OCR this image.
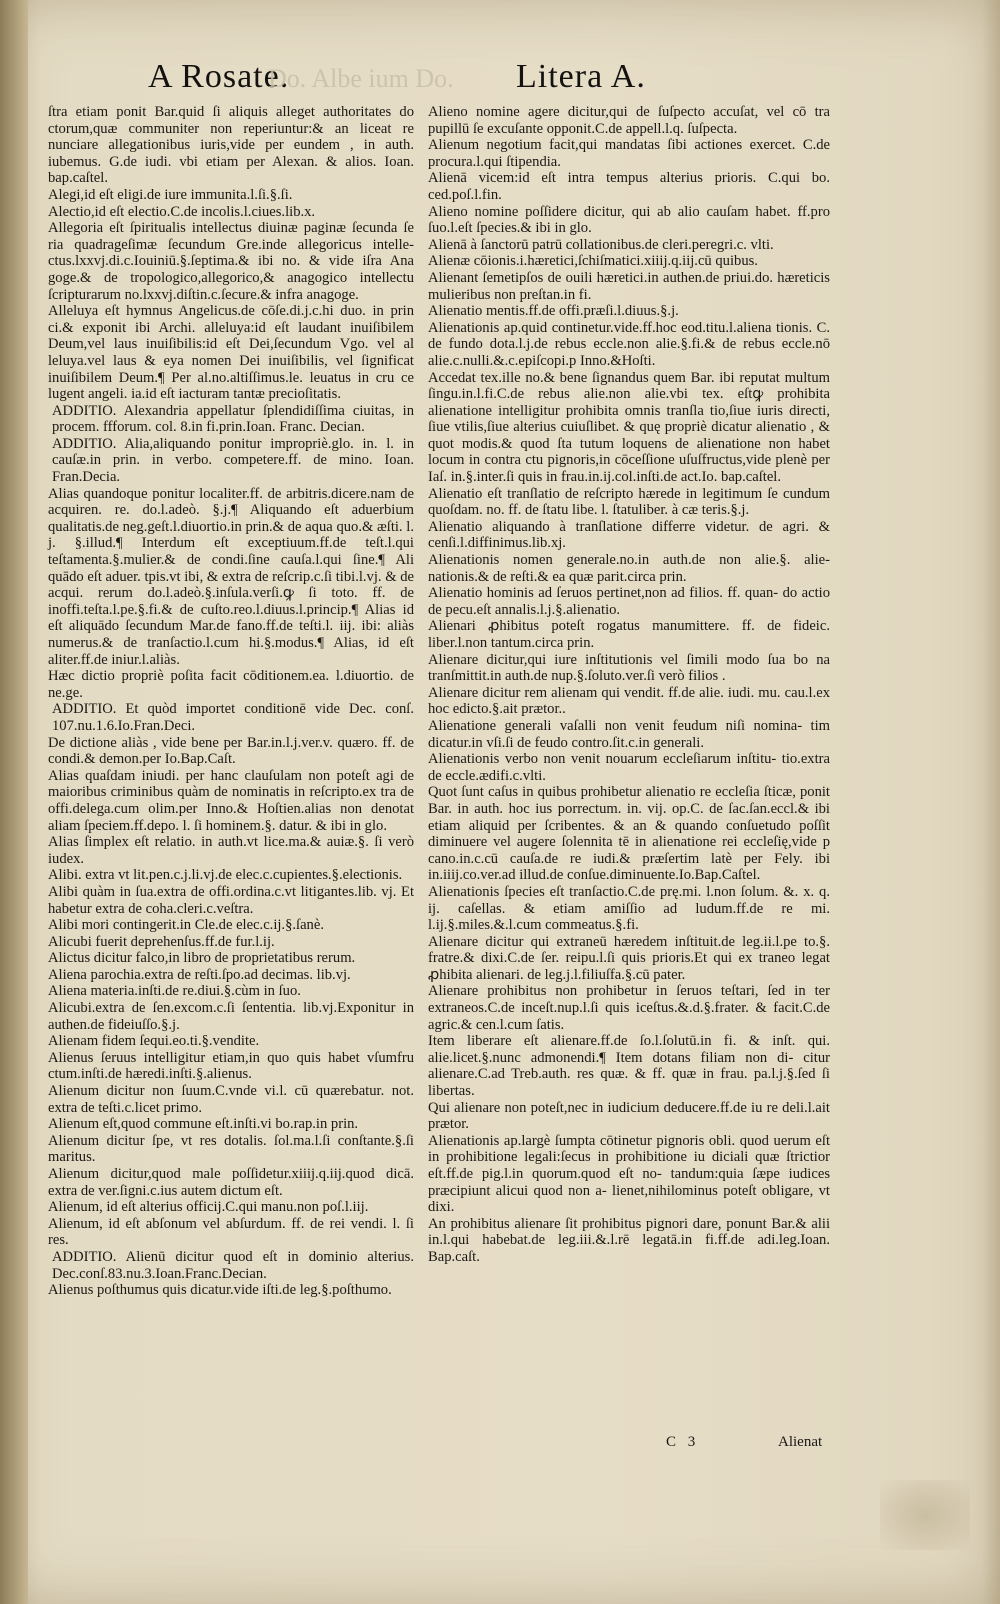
A Rosate.
Do. Albe ium Do. Litera A.

ſtra etiam ponit Bar.quid ſi aliquis alleget authoritates do ctorum,quæ communiter non reperiuntur:& an liceat re nunciare allegationibus iuris,vide per eundem , in auth. iubemus. G.de iudi. vbi etiam per Alexan. & alios. Ioan. bap.caſtel.

Alegi,id eſt eligi.de iure immunita.l.ſi.§.ſi.

Alectio,id eſt electio.C.de incolis.l.ciues.lib.x.

Allegoria eſt ſpiritualis intellectus diuinæ paginæ ſecunda ſe ria quadrageſimæ ſecundum Gre.inde allegoricus intelle- ctus.lxxvj.di.c.Iouiniū.§.ſeptima.& ibi no. & vide iſra Ana goge.& de tropologico,allegorico,& anagogico intellectu ſcripturarum no.lxxvj.diſtin.c.ſecure.& infra anagoge.

Alleluya eſt hymnus Angelicus.de cōſe.di.j.c.hi duo. in prin ci.& exponit ibi Archi. alleluya:id eſt laudant inuiſibilem Deum,vel laus inuiſibilis:id eſt Dei,ſecundum Vgo. vel al leluya.vel laus & eya nomen Dei inuiſibilis, vel ſignificat inuiſibilem Deum.¶ Per al.no.altiſſimus.le. leuatus in cru ce lugent angeli. ia.id eſt iacturam tantæ precioſitatis.

ADDITIO. Alexandria appellatur ſplendidiſſima ciuitas, in procem. ffforum. col. 8.in fi.prin.Ioan. Franc. Decian.

ADDITIO. Alia,aliquando ponitur impropriè.glo. in. l. in cauſæ.in prin. in verbo. competere.ff. de mino. Ioan. Fran.Decia.

Alias quandoque ponitur localiter.ff. de arbitris.dicere.nam de acquiren. re. do.l.adeò. §.j.¶ Aliquando eſt aduerbium qualitatis.de neg.geſt.l.diuortio.in prin.& de aqua quo.& æſti. l. j. §.illud.¶ Interdum eſt exceptiuum.ff.de teſt.l.qui teſtamenta.§.mulier.& de condi.ſine cauſa.l.qui ſine.¶ Ali quādo eſt aduer. tpis.vt ibi, & extra de reſcrip.c.ſi tibi.l.vj. & de acqui. rerum do.l.adeò.§.inſula.verſi.ꝙ ſi toto. ff. de inoffi.teſta.l.pe.§.fi.& de cuſto.reo.l.diuus.l.princip.¶ Alias id eſt aliquādo ſecundum Mar.de fano.ff.de teſti.l. iij. ibi: aliàs numerus.& de tranſactio.l.cum hi.§.modus.¶ Alias, id eſt aliter.ff.de iniur.l.aliàs.

Hæc dictio propriè poſita facit cōditionem.ea. l.diuortio. de ne.ge.

ADDITIO. Et quòd importet conditionē vide Dec. conſ. 107.nu.1.6.Io.Fran.Deci.

De dictione aliàs , vide bene per Bar.in.l.j.ver.v. quæro. ff. de condi.& demon.per Io.Bap.Caſt.

Alias quaſdam iniudi. per hanc clauſulam non poteſt agi de maioribus criminibus quàm de nominatis in reſcripto.ex tra de offi.delega.cum olim.per Inno.& Hoſtien.alias non denotat aliam ſpeciem.ff.depo. l. ſi hominem.§. datur. & ibi in glo.

Alias ſimplex eſt relatio. in auth.vt lice.ma.& auiæ.§. ſi verò iudex.

Alibi. extra vt lit.pen.c.j.li.vj.de elec.c.cupientes.§.electionis.

Alibi quàm in ſua.extra de offi.ordina.c.vt litigantes.lib. vj. Et habetur extra de coha.cleri.c.veſtra.

Alibi mori contingerit.in Cle.de elec.c.ij.§.ſanè.

Alicubi fuerit deprehenſus.ff.de fur.l.ij.

Alictus dicitur falco,in libro de proprietatibus rerum.

Aliena parochia.extra de reſti.ſpo.ad decimas. lib.vj.

Aliena materia.inſti.de re.diui.§.cùm in ſuo.

Alicubi.extra de ſen.excom.c.ſi ſententia. lib.vj.Exponitur in authen.de fideiuſſo.§.j.

Alienam fidem ſequi.eo.ti.§.vendite.

Alienus ſeruus intelligitur etiam,in quo quis habet vſumfru ctum.inſti.de hæredi.inſti.§.alienus.

Alienum dicitur non ſuum.C.vnde vi.l. cū quærebatur. not. extra de teſti.c.licet primo.

Alienum eſt,quod commune eſt.inſti.vi bo.rap.in prin.

Alienum dicitur ſpe, vt res dotalis. ſol.ma.l.ſi conſtante.§.ſi maritus.

Alienum dicitur,quod male poſſidetur.xiiij.q.iij.quod dicā. extra de ver.ſigni.c.ius autem dictum eſt.

Alienum, id eſt alterius officij.C.qui manu.non poſ.l.iij.

Alienum, id eſt abſonum vel abſurdum. ff. de rei vendi. l. ſi res.

ADDITIO. Alienū dicitur quod eſt in dominio alterius. Dec.conſ.83.nu.3.Ioan.Franc.Decian.

Alienus poſthumus quis dicatur.vide iſti.de leg.§.poſthumo.

Alieno nomine agere dicitur,qui de ſuſpecto accuſat, vel cō tra pupillū ſe excuſante opponit.C.de appell.l.q. ſuſpecta.

Alienum negotium facit,qui mandatas ſibi actiones exercet. C.de procura.l.qui ſtipendia.

Alienā vicem:id eſt intra tempus alterius prioris. C.qui bo. ced.poſ.l.fin.

Alieno nomine poſſidere dicitur, qui ab alio cauſam habet. ff.pro ſuo.l.eſt ſpecies.& ibi in glo.

Alienā à ſanctorū patrū collationibus.de cleri.peregri.c. vlti.

Alienæ cōionis.i.hæretici,ſchiſmatici.xiiij.q.iij.cū quibus.

Alienant ſemetipſos de ouili hæretici.in authen.de priui.do. hæreticis mulieribus non preſtan.in fi.

Alienatio mentis.ff.de offi.præſi.l.diuus.§.j.

Alienationis ap.quid continetur.vide.ff.hoc eod.titu.l.aliena tionis. C. de fundo dota.l.j.de rebus eccle.non alie.§.fi.& de rebus eccle.nō alie.c.nulli.&.c.epiſcopi.p Inno.&Hoſti.

Accedat tex.ille no.& bene ſignandus quem Bar. ibi reputat multum ſingu.in.l.fi.C.de rebus alie.non alie.vbi tex. eſtꝙ prohibita alienatione intelligitur prohibita omnis tranſla tio,ſiue iuris directi, ſiue vtilis,ſiue alterius cuiuſlibet. & quę propriè dicatur alienatio , & quot modis.& quod ſta tutum loquens de alienatione non habet locum in contra ctu pignoris,in cōceſſione uſuſfructus,vide plenè per Iaſ. in.§.inter.ſi quis in frau.in.ij.col.inſti.de act.Io. bap.caſtel.

Alienatio eſt tranſlatio de reſcripto hærede in legitimum ſe cundum quoſdam. no. ff. de ſtatu libe. l. ſtatuliber. à cæ teris.§.j.

Alienatio aliquando à tranſlatione differre videtur. de agri. & cenſi.l.diffinimus.lib.xj.

Alienationis nomen generale.no.in auth.de non alie.§. alie- nationis.& de reſti.& ea quæ parit.circa prin.

Alienatio hominis ad ſeruos pertinet,non ad filios. ff. quan- do actio de pecu.eſt annalis.l.j.§.alienatio.

Alienari ꝓhibitus poteſt rogatus manumittere. ff. de fideic. liber.l.non tantum.circa prin.

Alienare dicitur,qui iure inſtitutionis vel ſimili modo ſua bo na tranſmittit.in auth.de nup.§.ſoluto.ver.ſi verò filios .

Alienare dicitur rem alienam qui vendit. ff.de alie. iudi. mu. cau.l.ex hoc edicto.§.ait prætor..

Alienatione generali vaſalli non venit feudum niſi nomina- tim dicatur.in vſi.ſi de feudo contro.ſit.c.in generali.

Alienationis verbo non venit nouarum eccleſiarum inſtitu- tio.extra de eccle.ædifi.c.vlti.

Quot ſunt caſus in quibus prohibetur alienatio re eccleſia ſticæ, ponit Bar. in auth. hoc ius porrectum. in. vij. op.C. de ſac.ſan.eccl.& ibi etiam aliquid per ſcribentes. & an & quando conſuetudo poſſit diminuere vel augere ſolennita tē in alienatione rei eccleſię,vide p cano.in.c.cū cauſa.de re iudi.& præſertim latè per Fely. ibi in.iiij.co.ver.ad illud.de conſue.diminuente.Io.Bap.Caſtel.

Alienationis ſpecies eſt tranſactio.C.de prę.mi. l.non ſolum. &. x. q. ij. caſellas. & etiam amiſſio ad ludum.ff.de re mi. l.ij.§.miles.&.l.cum commeatus.§.fi.

Alienare dicitur qui extraneū hæredem inſtituit.de leg.ii.l.pe to.§. fratre.& dixi.C.de ſer. reipu.l.ſi quis prioris.Et qui ex traneo legat ꝓhibita alienari. de leg.j.l.filiuſfa.§.cū pater.

Alienare prohibitus non prohibetur in ſeruos teſtari, ſed in ter extraneos.C.de inceſt.nup.l.ſi quis iceſtus.&.d.§.frater. & facit.C.de agric.& cen.l.cum ſatis.

Item liberare eſt alienare.ff.de ſo.l.ſolutū.in fi. & inſt. qui. alie.licet.§.nunc admonendi.¶ Item dotans filiam non di- citur alienare.C.ad Treb.auth. res quæ. & ff. quæ in frau. pa.l.j.§.ſed ſi libertas.

Qui alienare non poteſt,nec in iudicium deducere.ff.de iu re deli.l.ait prætor.

Alienationis ap.largè ſumpta cōtinetur pignoris obli. quod uerum eſt in prohibitione legali:ſecus in prohibitione iu diciali quæ ſtrictior eſt.ff.de pig.l.in quorum.quod eſt no- tandum:quia ſæpe iudices præcipiunt alicui quod non a- lienet,nihilominus poteſt obligare, vt dixi.

An prohibitus alienare ſit prohibitus pignori dare, ponunt Bar.& alii in.l.qui habebat.de leg.iii.&.l.rē legatā.in fi.ff.de adi.leg.Ioan. Bap.caſt.

C 3	Alienat
